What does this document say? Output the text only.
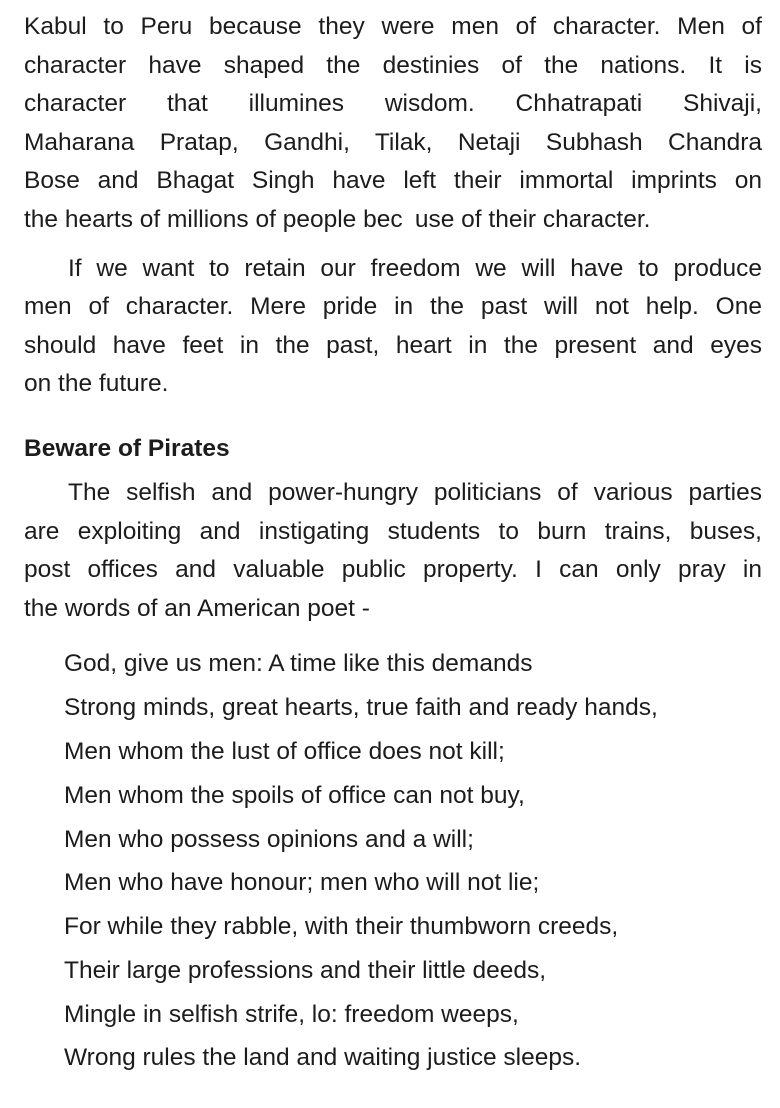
Kabul to Peru because they were men of character. Men of
character have shaped the destinies of the nations. It is
character that illumines wisdom. Chhatrapati Shivaji,
Maharana Pratap, Gandhi, Tilak, Netaji Subhash Chandra
Bose and Bhagat Singh have left their immortal imprints on
the hearts of millions of people bec use of their character.

If we want to retain our freedom we will have to produce
men of character. Mere pride in the past will not help. One
should have feet in the past, heart in the present and eyes
on the future.

Beware of Pirates

The selfish and power-hungry politicians of various parties
are exploiting and instigating students to burn trains, buses,
post offices and valuable public property. I can only pray in
the words of an American poet -

God, give us men: A time like this demands
Strong minds, great hearts, true faith and ready hands,
Men whom the lust of office does not kill;
Men whom the spoils of office can not buy,
Men who possess opinions and a will;
Men who have honour; men who will not lie;
For while they rabble, with their thumbworn creeds,
Their large professions and their little deeds,
Mingle in selfish strife, lo: freedom weeps,
Wrong rules the land and waiting justice sleeps.
